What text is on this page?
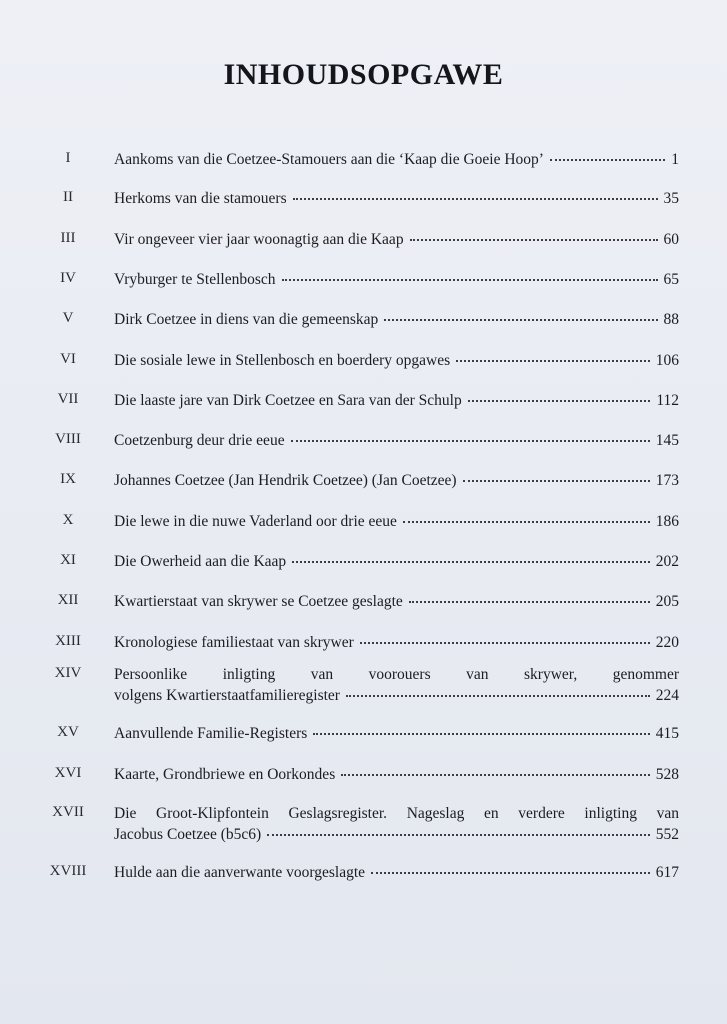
INHOUDSOPGAWE
I	Aankoms van die Coetzee-Stamouers aan die ‘Kaap die Goeie Hoop’	1
II	Herkoms van die stamouers	35
III	Vir ongeveer vier jaar woonagtig aan die Kaap	60
IV	Vryburger te Stellenbosch	65
V	Dirk Coetzee in diens van die gemeenskap	88
VI	Die sosiale lewe in Stellenbosch en boerdery opgawes	106
VII	Die laaste jare van Dirk Coetzee en Sara van der Schulp	112
VIII	Coetzenburg deur drie eeue	145
IX	Johannes Coetzee (Jan Hendrik Coetzee) (Jan Coetzee)	173
X	Die lewe in die nuwe Vaderland oor drie eeue	186
XI	Die Owerheid aan die Kaap	202
XII	Kwartierstaat van skrywer se Coetzee geslagte	205
XIII	Kronologiese familiestaat van skrywer	220
XIV	Persoonlike inligting van voorouers van skrywer, genommer
volgens Kwartierstaatfamilieregister	224
XV	Aanvullende Familie-Registers	415
XVI	Kaarte, Grondbriewe en Oorkondes	528
XVII	Die Groot-Klipfontein Geslagsregister. Nageslag en verdere inligting van
Jacobus Coetzee (b5c6)	552
XVIII	Hulde aan die aanverwante voorgeslagte	617
